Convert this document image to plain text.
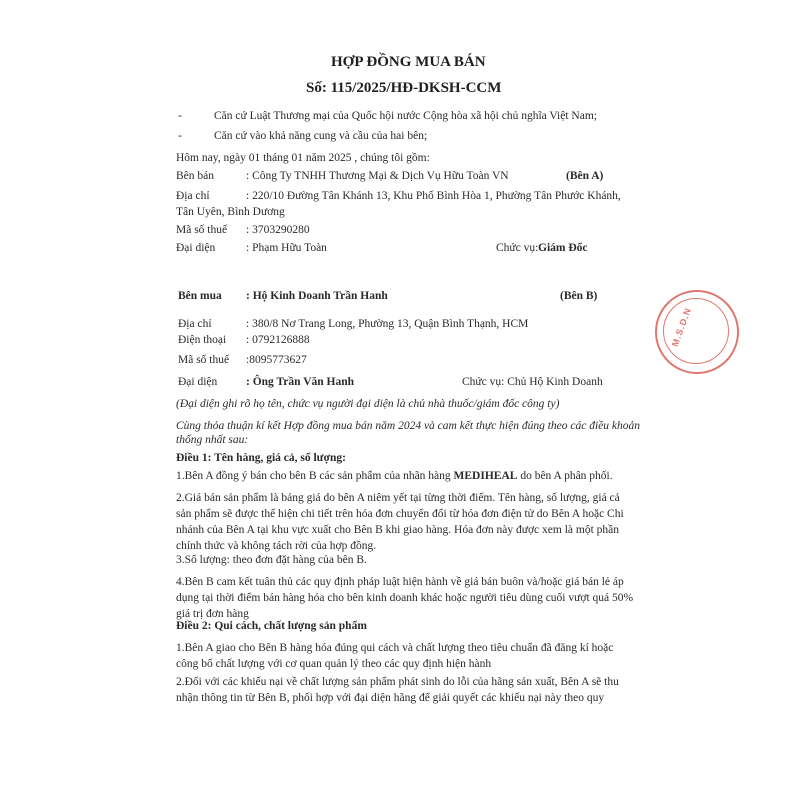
HỢP ĐỒNG MUA BÁN
Số: 115/2025/HĐ-DKSH-CCM
-	Căn cứ Luật Thương mại của Quốc hội nước Cộng hòa xã hội chủ nghĩa Việt Nam;
-	Căn cứ vào khả năng cung và cầu của hai bên;
Hôm nay, ngày 01 tháng 01 năm 2025 , chúng tôi gồm:
Bên bán	: Công Ty TNHH Thương Mại & Dịch Vụ Hữu Toàn VN	(Bên A)
Địa chỉ	: 220/10 Đường Tân Khánh 13, Khu Phố Bình Hòa 1, Phường Tân Phước Khánh,
Tân Uyên, Bình Dương
Mã số thuế : 3703290280
Đại diện	: Phạm Hữu Toàn	Chức vụ: Giám Đốc
Bên mua : Hộ Kinh Doanh Trần Hanh	(Bên B)
Địa chỉ	: 380/8 Nơ Trang Long, Phường 13, Quận Bình Thạnh, HCM
Điện thoại : 0792126888
Mã số thuế :8095773627
Đại diện : Ông Trần Văn Hanh	Chức vụ: Chủ Hộ Kinh Doanh
(Đại diện ghi rõ họ tên, chức vụ người đại diện là chủ nhà thuốc/giám đốc công ty)
Cùng thỏa thuận kí kết Hợp đồng mua bán năm 2024 và cam kết thực hiện đúng theo các điều khoản
thống nhất sau:
Điều 1: Tên hàng, giá cả, số lượng:
1.Bên A đồng ý bán cho bên B các sản phẩm của nhãn hàng MEDIHEAL do bên A phân phối.
2.Giá bán sản phẩm là bảng giá do bên A niêm yết tại từng thời điểm. Tên hàng, số lượng, giá cả sản phẩm sẽ được thể hiện chi tiết trên hóa đơn chuyển đổi từ hóa đơn điện tử do Bên A hoặc Chi nhánh của Bên A tại khu vực xuất cho Bên B khi giao hàng. Hóa đơn này được xem là một phần chính thức và không tách rời của hợp đồng.
3.Số lượng: theo đơn đặt hàng của bên B.
4.Bên B cam kết tuân thủ các quy định pháp luật hiện hành về giá bán buôn và/hoặc giá bán lẻ áp dụng tại thời điểm bán hàng hóa cho bên kinh doanh khác hoặc người tiêu dùng cuối vượt quá 50% giá trị đơn hàng
Điều 2: Qui cách, chất lượng sản phẩm
1.Bên A giao cho Bên B hàng hóa đúng qui cách và chất lượng theo tiêu chuẩn đã đăng kí hoặc công bố chất lượng với cơ quan quản lý theo các quy định hiện hành
2.Đối với các khiếu nại về chất lượng sản phẩm phát sinh do lỗi của hãng sản xuất, Bên A sẽ thu nhận thông tin từ Bên B, phối hợp với đại diện hãng để giải quyết các khiếu nại này theo quy
M.S.D.N
